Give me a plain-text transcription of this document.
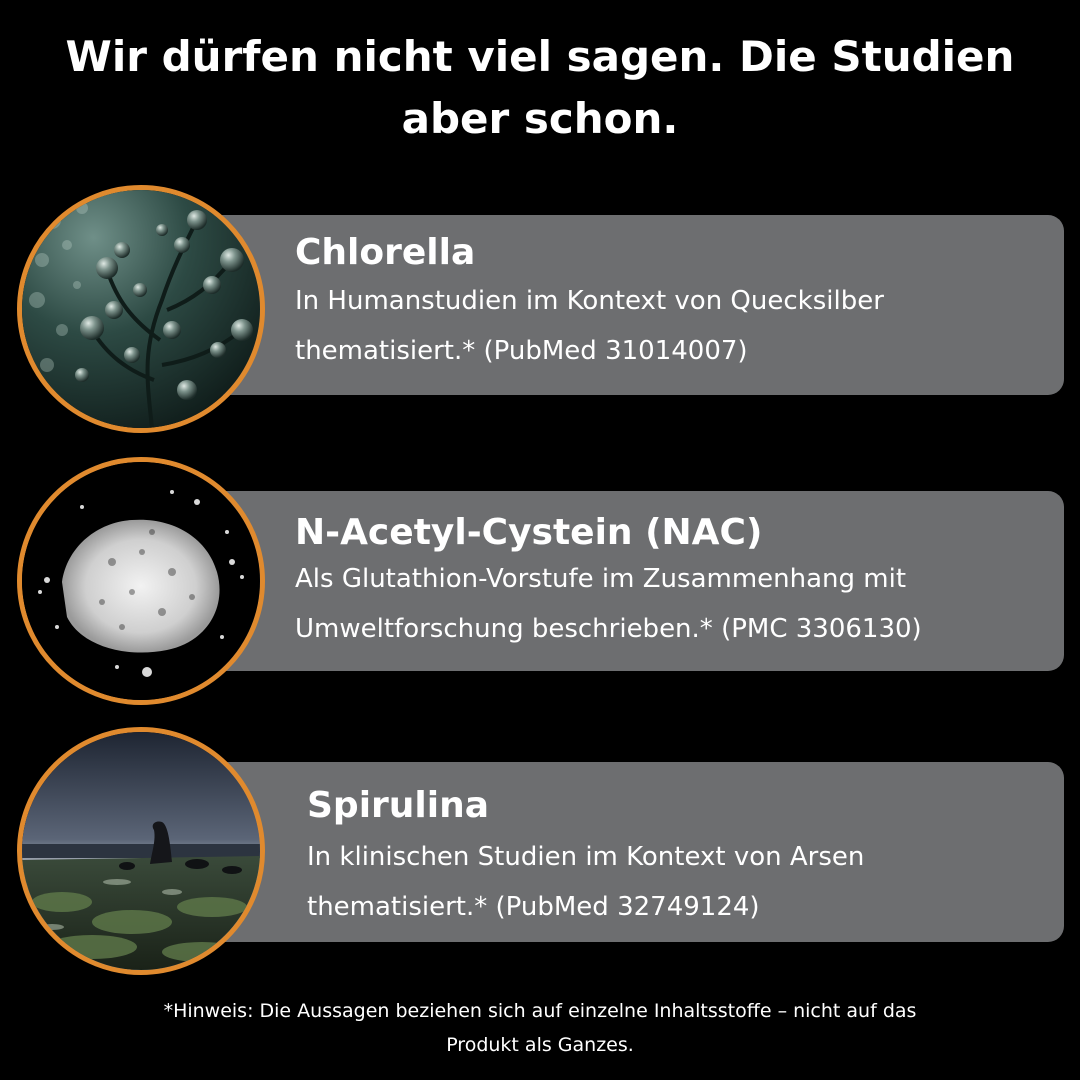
Wir dürfen nicht viel sagen. Die Studien aber schon.
Chlorella
In Humanstudien im Kontext von Quecksilber thematisiert.* (PubMed 31014007)
N-Acetyl-Cystein (NAC)
Als Glutathion-Vorstufe im Zusammenhang mit Umweltforschung beschrieben.* (PMC 3306130)
Spirulina
In klinischen Studien im Kontext von Arsen thematisiert.* (PubMed 32749124)
*Hinweis: Die Aussagen beziehen sich auf einzelne Inhaltsstoffe – nicht auf das Produkt als Ganzes.
